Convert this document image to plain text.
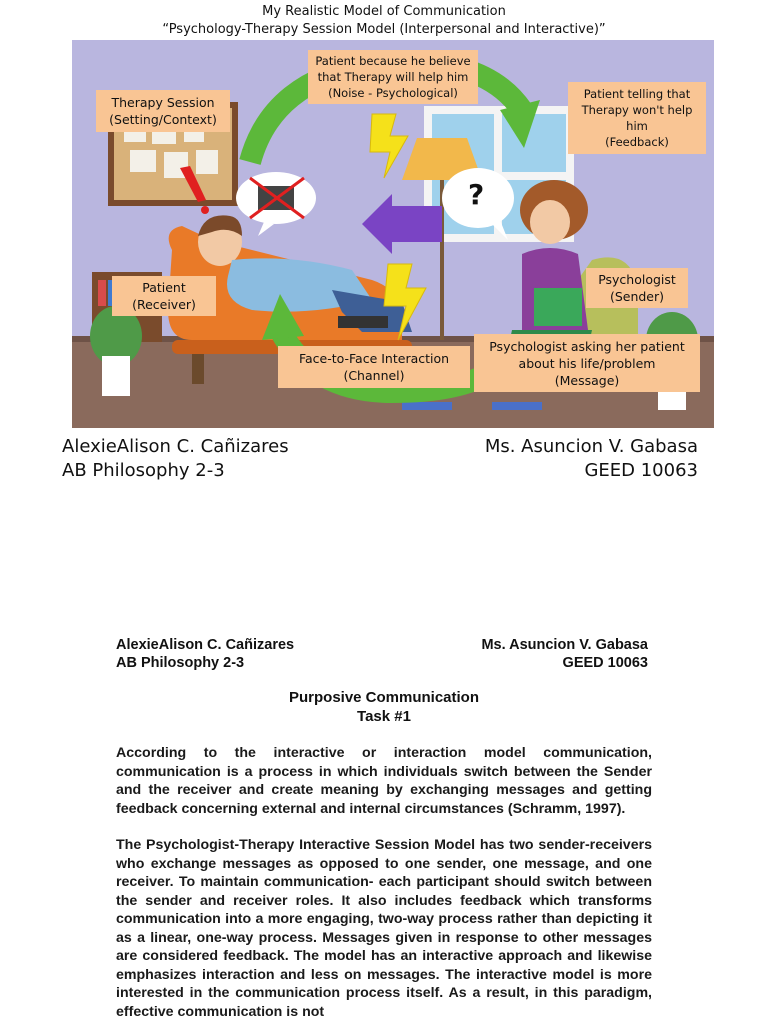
My Realistic Model of Communication
“Psychology-Therapy Session Model (Interpersonal and Interactive)”
?
Therapy Session
(Setting/Context)
Patient because he believe
that Therapy will help him
(Noise - Psychological)	Patient telling that
Therapy won't help
him
(Feedback)
Patient
(Receiver)
Psychologist
(Sender)
Face-to-Face Interaction
(Channel)
Psychologist asking her patient
about his life/problem
(Message)
AlexieAlison C. Cañizares
AB Philosophy 2-3
Ms. Asuncion V. Gabasa
GEED 10063
AlexieAlison C. Cañizares
AB Philosophy 2-3
Ms. Asuncion V. Gabasa
GEED 10063
Purposive Communication
Task #1
According to the interactive or interaction model communication, communication is a process in which individuals switch between the Sender and the receiver and create meaning by exchanging messages and getting feedback concerning external and internal circumstances (Schramm, 1997).
The Psychologist-Therapy Interactive Session Model has two sender-receivers who exchange messages as opposed to one sender, one message, and one receiver. To maintain communication- each participant should switch between the sender and receiver roles. It also includes feedback which transforms communication into a more engaging, two-way process rather than depicting it as a linear, one-way process. Messages given in response to other messages are considered feedback. The model has an interactive approach and likewise emphasizes interaction and less on messages. The interactive model is more interested in the communication process itself. As a result, in this paradigm, effective communication is not
